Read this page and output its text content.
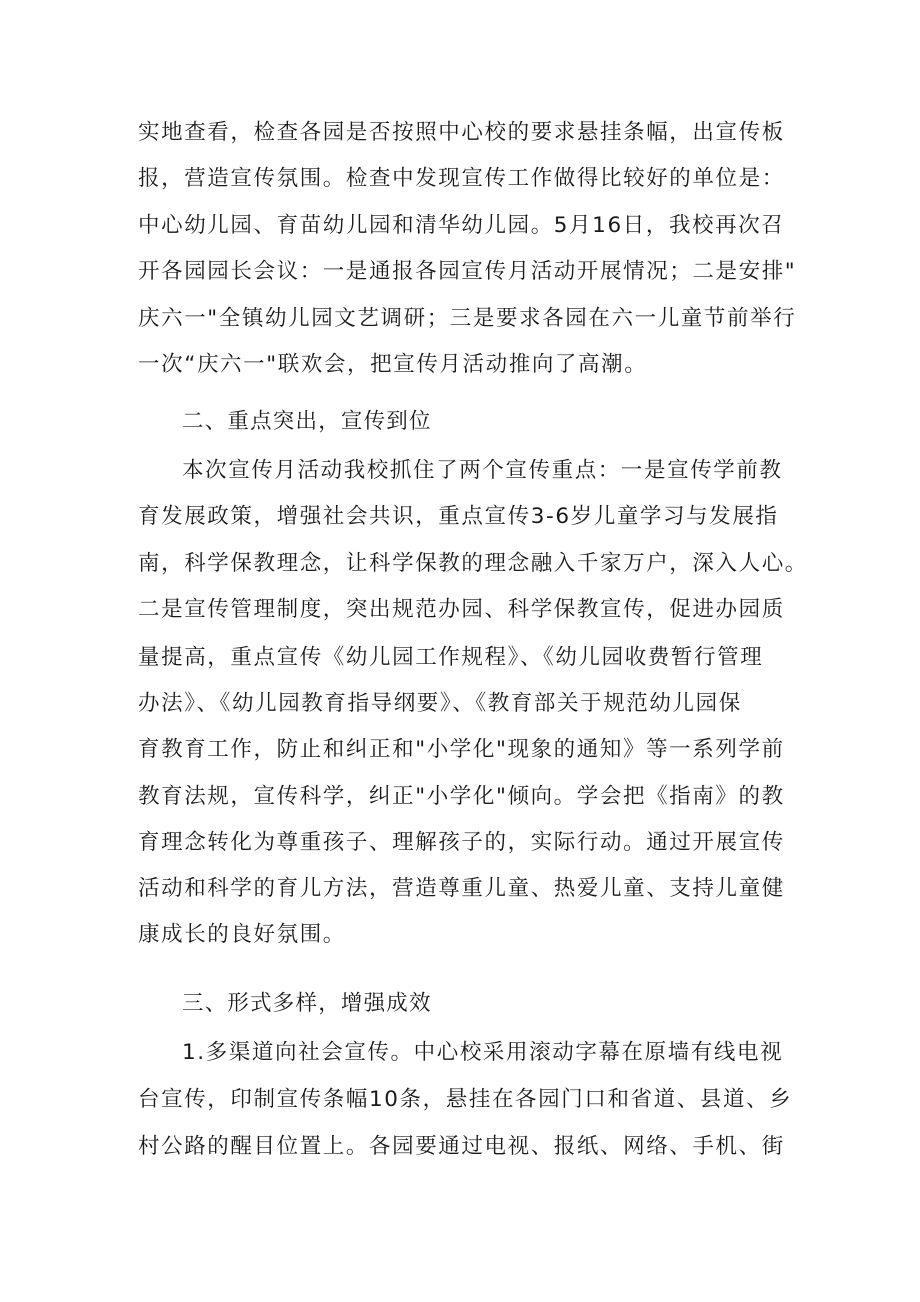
实地查看，检查各园是否按照中心校的要求悬挂条幅，出宣传板
报，营造宣传氛围。检查中发现宣传工作做得比较好的单位是：
中心幼儿园、育苗幼儿园和清华幼儿园。5月16日，我校再次召
开各园园长会议：一是通报各园宣传月活动开展情况；二是安排"
庆六一"全镇幼儿园文艺调研；三是要求各园在六一儿童节前举行
一次“庆六一"联欢会，把宣传月活动推向了高潮。
二、重点突出，宣传到位
本次宣传月活动我校抓住了两个宣传重点：一是宣传学前教
育发展政策，增强社会共识，重点宣传3-6岁儿童学习与发展指
南，科学保教理念，让科学保教的理念融入千家万户，深入人心。
二是宣传管理制度，突出规范办园、科学保教宣传，促进办园质
量提高，重点宣传《幼儿园工作规程》、《幼儿园收费暂行管理
办法》、《幼儿园教育指导纲要》、《教育部关于规范幼儿园保
育教育工作，防止和纠正和"小学化"现象的通知》等一系列学前
教育法规，宣传科学，纠正"小学化"倾向。学会把《指南》的教
育理念转化为尊重孩子、理解孩子的，实际行动。通过开展宣传
活动和科学的育儿方法，营造尊重儿童、热爱儿童、支持儿童健
康成长的良好氛围。
三、形式多样，增强成效
1.多渠道向社会宣传。中心校采用滚动字幕在原墙有线电视
台宣传，印制宣传条幅10条，悬挂在各园门口和省道、县道、乡
村公路的醒目位置上。各园要通过电视、报纸、网络、手机、街
